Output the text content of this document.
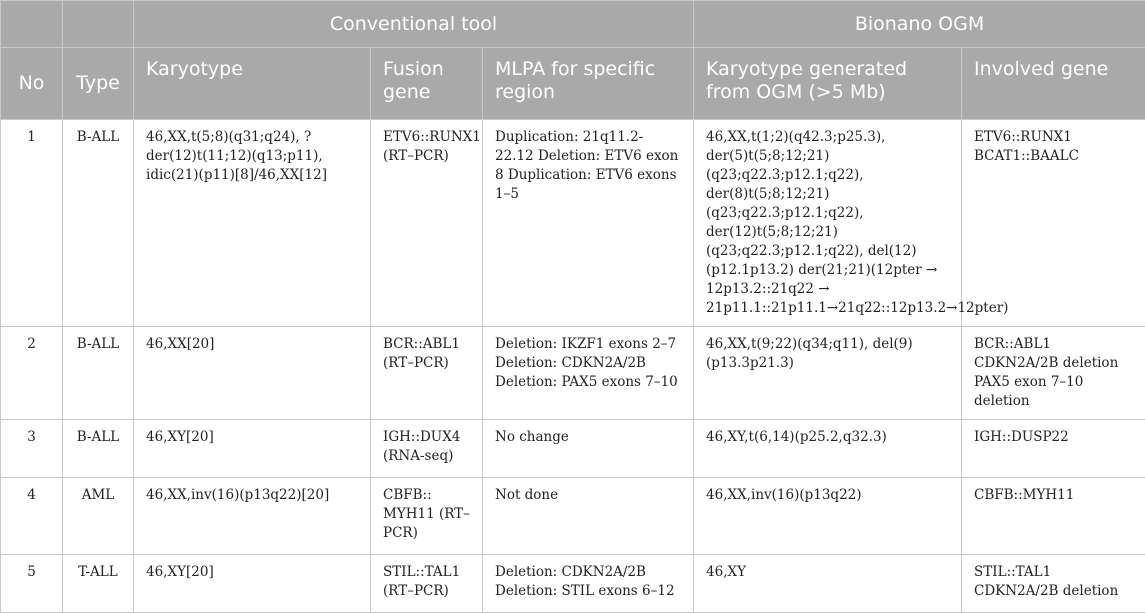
		Conventional tool			Bionano OGM	
No	Type	Karyotype	Fusion gene	MLPA for specific region	Karyotype generated from OGM (>5 Mb)	Involved gene
1	B-ALL	46,XX,t(5;8)(q31;q24), ?der(12)t(11;12)(q13;p11), idic(21)(p11)[8]/46,XX[12]	ETV6::RUNX1 (RT–PCR)	Duplication: 21q11.2-22.12 Deletion: ETV6 exon 8 Duplication: ETV6 exons 1–5	46,XX,t(1;2)(q42.3;p25.3), der(5)t(5;8;12;21)(q23;q22.3;p12.1;q22), der(8)t(5;8;12;21)(q23;q22.3;p12.1;q22), der(12)t(5;8;12;21)(q23;q22.3;p12.1;q22), del(12)(p12.1p13.2) der(21;21)(12pter → 12p13.2::21q22 → 21p11.1::21p11.1→21q22::12p13.2→12pter)	ETV6::RUNX1 BCAT1::BAALC
2	B-ALL	46,XX[20]	BCR::ABL1 (RT–PCR)	Deletion: IKZF1 exons 2–7 Deletion: CDKN2A/2B Deletion: PAX5 exons 7–10	46,XX,t(9;22)(q34;q11), del(9)(p13.3p21.3)	BCR::ABL1 CDKN2A/2B deletion PAX5 exon 7–10 deletion
3	B-ALL	46,XY[20]	IGH::DUX4 (RNA-seq)	No change	46,XY,t(6,14)(p25.2,q32.3)	IGH::DUSP22
4	AML	46,XX,inv(16)(p13q22)[20]	CBFB:: MYH11 (RT–PCR)	Not done	46,XX,inv(16)(p13q22)	CBFB::MYH11
5	T-ALL	46,XY[20]	STIL::TAL1 (RT–PCR)	Deletion: CDKN2A/2B Deletion: STIL exons 6–12	46,XY	STIL::TAL1 CDKN2A/2B deletion
